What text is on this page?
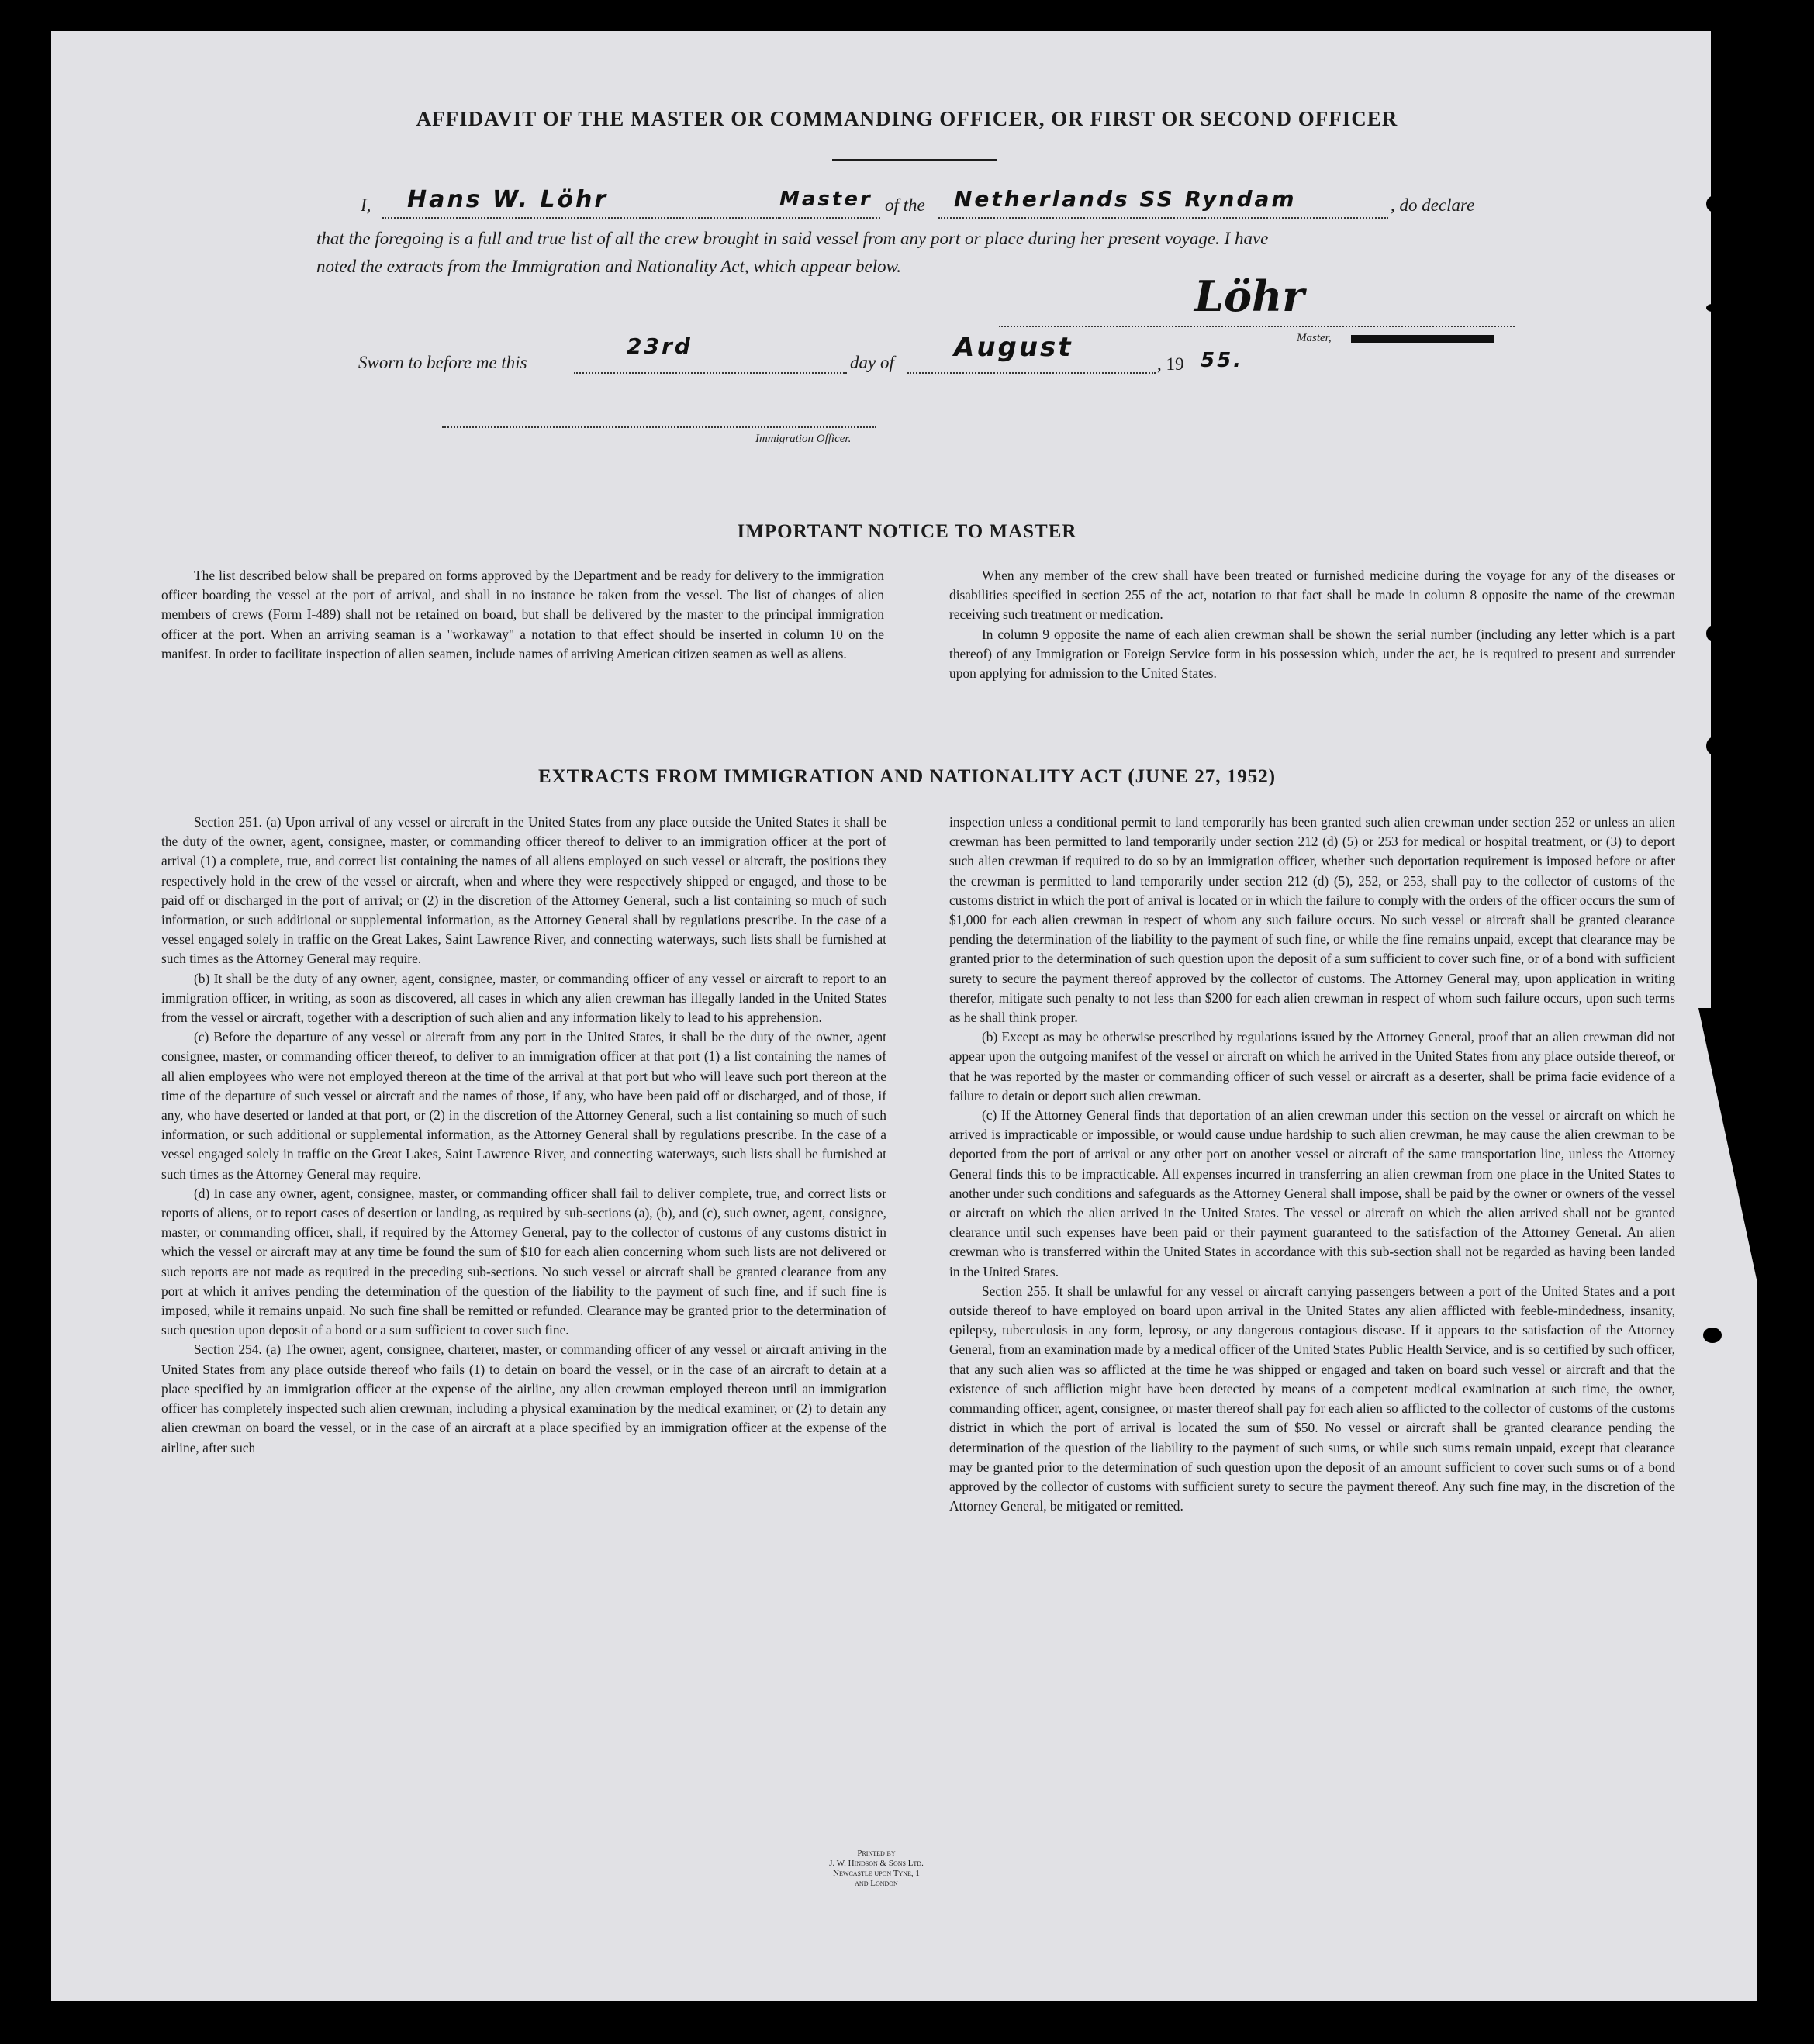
AFFIDAVIT OF THE MASTER OR COMMANDING OFFICER, OR FIRST OR SECOND OFFICER
I, Hans W. Löhr	Master of the Netherlands SS Ryndam	, do declare
that the foregoing is a full and true list of all the crew brought in said vessel from any port or place during her present voyage. I have
noted the extracts from the Immigration and Nationality Act, which appear below.
Löhr
Master,
Sworn to before me this
23rd
day of August
, 19 55.
Immigration Officer.
IMPORTANT NOTICE TO MASTER

The list described below shall be prepared on forms approved by the Department and be ready for delivery to the immigration officer boarding the vessel at the port of arrival, and shall in no instance be taken from the vessel. The list of changes of alien members of crews (Form I-489) shall not be retained on board, but shall be delivered by the master to the principal immigration officer at the port. When an arriving seaman is a "workaway" a notation to that effect should be inserted in column 10 on the manifest. In order to facilitate inspection of alien seamen, include names of arriving American citizen seamen as well as aliens.

When any member of the crew shall have been treated or furnished medicine during the voyage for any of the diseases or disabilities specified in section 255 of the act, notation to that fact shall be made in column 8 opposite the name of the crewman receiving such treatment or medication.

In column 9 opposite the name of each alien crewman shall be shown the serial number (including any letter which is a part thereof) of any Immigration or Foreign Service form in his possession which, under the act, he is required to present and surrender upon applying for admission to the United States.

EXTRACTS FROM IMMIGRATION AND NATIONALITY ACT (JUNE 27, 1952)

Section 251. (a) Upon arrival of any vessel or aircraft in the United States from any place outside the United States it shall be the duty of the owner, agent, consignee, master, or commanding officer thereof to deliver to an immigration officer at the port of arrival (1) a complete, true, and correct list containing the names of all aliens employed on such vessel or aircraft, the positions they respectively hold in the crew of the vessel or aircraft, when and where they were respectively shipped or engaged, and those to be paid off or discharged in the port of arrival; or (2) in the discretion of the Attorney General, such a list containing so much of such information, or such additional or supplemental information, as the Attorney General shall by regulations prescribe. In the case of a vessel engaged solely in traffic on the Great Lakes, Saint Lawrence River, and connecting waterways, such lists shall be furnished at such times as the Attorney General may require.

(b) It shall be the duty of any owner, agent, consignee, master, or commanding officer of any vessel or aircraft to report to an immigration officer, in writing, as soon as discovered, all cases in which any alien crewman has illegally landed in the United States from the vessel or aircraft, together with a description of such alien and any information likely to lead to his apprehension.

(c) Before the departure of any vessel or aircraft from any port in the United States, it shall be the duty of the owner, agent consignee, master, or commanding officer thereof, to deliver to an immigration officer at that port (1) a list containing the names of all alien employees who were not employed thereon at the time of the arrival at that port but who will leave such port thereon at the time of the departure of such vessel or aircraft and the names of those, if any, who have been paid off or discharged, and of those, if any, who have deserted or landed at that port, or (2) in the discretion of the Attorney General, such a list containing so much of such information, or such additional or supplemental information, as the Attorney General shall by regulations prescribe. In the case of a vessel engaged solely in traffic on the Great Lakes, Saint Lawrence River, and connecting waterways, such lists shall be furnished at such times as the Attorney General may require.

(d) In case any owner, agent, consignee, master, or commanding officer shall fail to deliver complete, true, and correct lists or reports of aliens, or to report cases of desertion or landing, as required by sub-sections (a), (b), and (c), such owner, agent, consignee, master, or commanding officer, shall, if required by the Attorney General, pay to the collector of customs of any customs district in which the vessel or aircraft may at any time be found the sum of $10 for each alien concerning whom such lists are not delivered or such reports are not made as required in the preceding sub-sections. No such vessel or aircraft shall be granted clearance from any port at which it arrives pending the determination of the question of the liability to the payment of such fine, and if such fine is imposed, while it remains unpaid. No such fine shall be remitted or refunded. Clearance may be granted prior to the determination of such question upon deposit of a bond or a sum sufficient to cover such fine.

Section 254. (a) The owner, agent, consignee, charterer, master, or commanding officer of any vessel or aircraft arriving in the United States from any place outside thereof who fails (1) to detain on board the vessel, or in the case of an aircraft to detain at a place specified by an immigration officer at the expense of the airline, any alien crewman employed thereon until an immigration officer has completely inspected such alien crewman, including a physical examination by the medical examiner, or (2) to detain any alien crewman on board the vessel, or in the case of an aircraft at a place specified by an immigration officer at the expense of the airline, after such

inspection unless a conditional permit to land temporarily has been granted such alien crewman under section 252 or unless an alien crewman has been permitted to land temporarily under section 212 (d) (5) or 253 for medical or hospital treatment, or (3) to deport such alien crewman if required to do so by an immigration officer, whether such deportation requirement is imposed before or after the crewman is permitted to land temporarily under section 212 (d) (5), 252, or 253, shall pay to the collector of customs of the customs district in which the port of arrival is located or in which the failure to comply with the orders of the officer occurs the sum of $1,000 for each alien crewman in respect of whom any such failure occurs. No such vessel or aircraft shall be granted clearance pending the determination of the liability to the payment of such fine, or while the fine remains unpaid, except that clearance may be granted prior to the determination of such question upon the deposit of a sum sufficient to cover such fine, or of a bond with sufficient surety to secure the payment thereof approved by the collector of customs. The Attorney General may, upon application in writing therefor, mitigate such penalty to not less than $200 for each alien crewman in respect of whom such failure occurs, upon such terms as he shall think proper.

(b) Except as may be otherwise prescribed by regulations issued by the Attorney General, proof that an alien crewman did not appear upon the outgoing manifest of the vessel or aircraft on which he arrived in the United States from any place outside thereof, or that he was reported by the master or commanding officer of such vessel or aircraft as a deserter, shall be prima facie evidence of a failure to detain or deport such alien crewman.

(c) If the Attorney General finds that deportation of an alien crewman under this section on the vessel or aircraft on which he arrived is impracticable or impossible, or would cause undue hardship to such alien crewman, he may cause the alien crewman to be deported from the port of arrival or any other port on another vessel or aircraft of the same transportation line, unless the Attorney General finds this to be impracticable. All expenses incurred in transferring an alien crewman from one place in the United States to another under such conditions and safeguards as the Attorney General shall impose, shall be paid by the owner or owners of the vessel or aircraft on which the alien arrived in the United States. The vessel or aircraft on which the alien arrived shall not be granted clearance until such expenses have been paid or their payment guaranteed to the satisfaction of the Attorney General. An alien crewman who is transferred within the United States in accordance with this sub-section shall not be regarded as having been landed in the United States.

Section 255. It shall be unlawful for any vessel or aircraft carrying passengers between a port of the United States and a port outside thereof to have employed on board upon arrival in the United States any alien afflicted with feeble-mindedness, insanity, epilepsy, tuberculosis in any form, leprosy, or any dangerous contagious disease. If it appears to the satisfaction of the Attorney General, from an examination made by a medical officer of the United States Public Health Service, and is so certified by such officer, that any such alien was so afflicted at the time he was shipped or engaged and taken on board such vessel or aircraft and that the existence of such affliction might have been detected by means of a competent medical examination at such time, the owner, commanding officer, agent, consignee, or master thereof shall pay for each alien so afflicted to the collector of customs of the customs district in which the port of arrival is located the sum of $50. No vessel or aircraft shall be granted clearance pending the determination of the question of the liability to the payment of such sums, or while such sums remain unpaid, except that clearance may be granted prior to the determination of such question upon the deposit of an amount sufficient to cover such sums or of a bond approved by the collector of customs with sufficient surety to secure the payment thereof. Any such fine may, in the discretion of the Attorney General, be mitigated or remitted.

Printed by
J. W. Hindson & Sons Ltd.
Newcastle upon Tyne, 1
and London
